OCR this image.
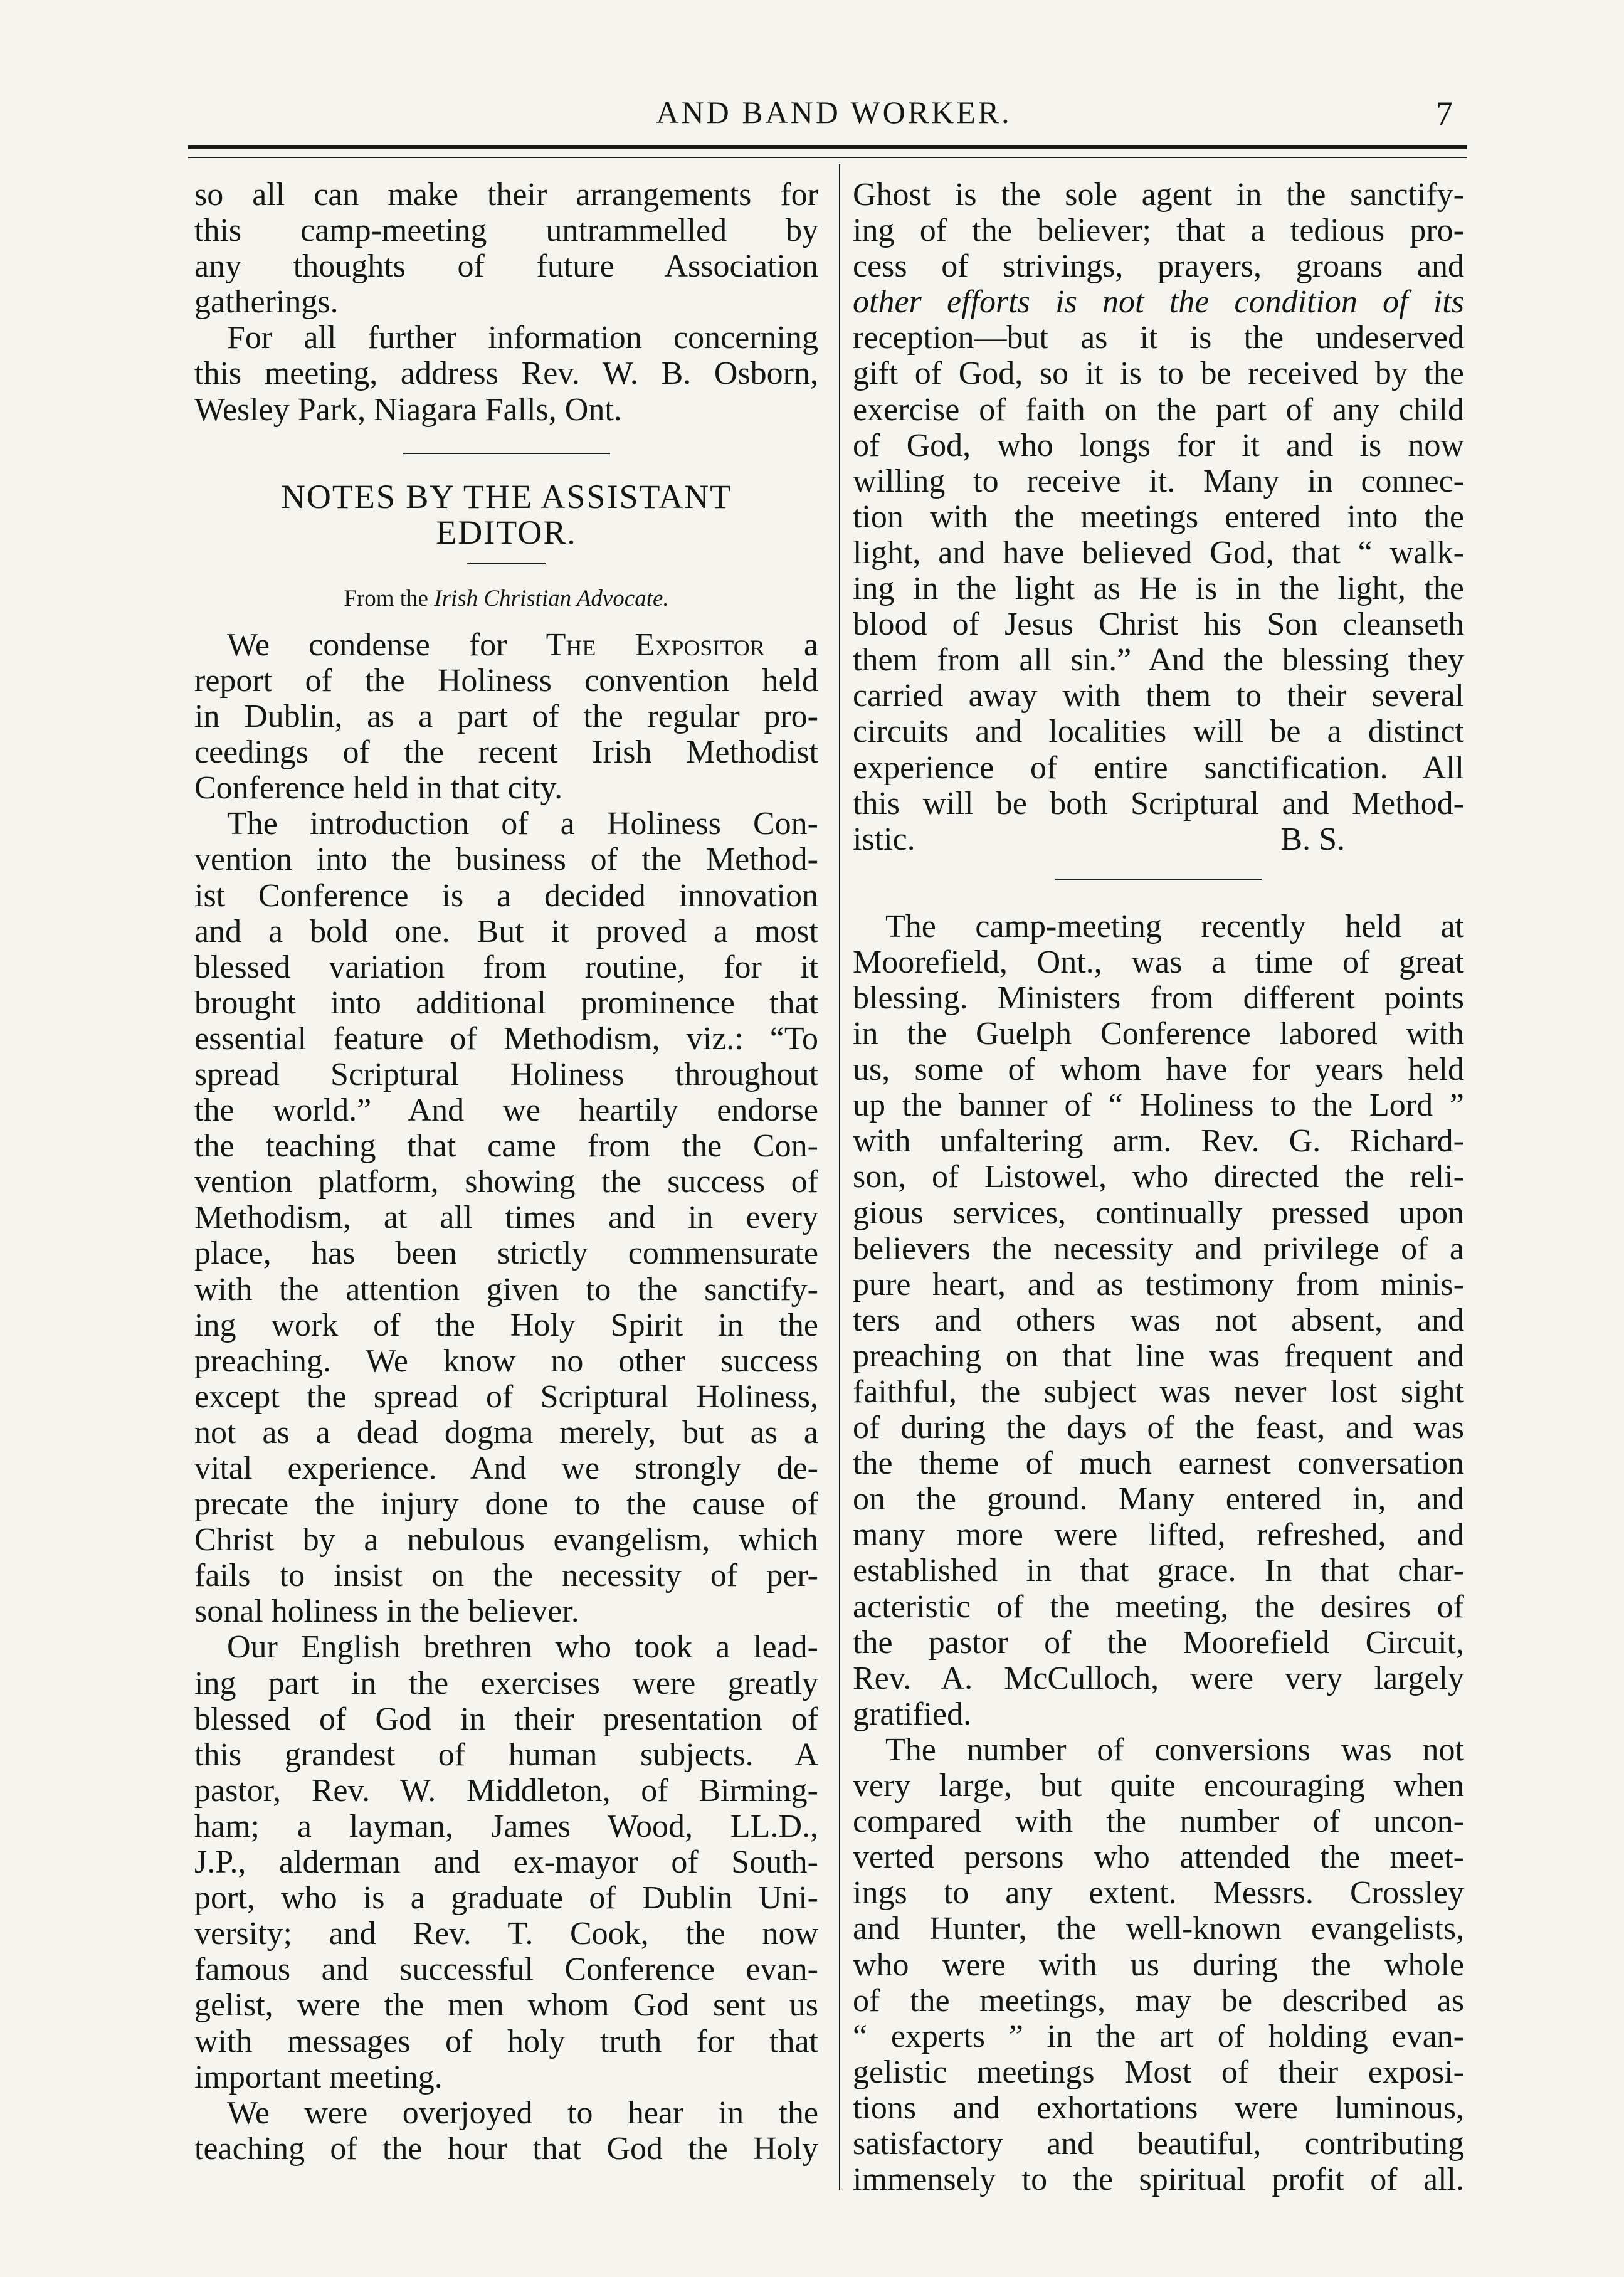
AND BAND WORKER.	7
so all can make their arrangements for
this camp-meeting untrammelled by
any thoughts of future Association
gatherings.
For all further information concerning
this meeting, address Rev. W. B. Osborn,
Wesley Park, Niagara Falls, Ont.
NOTES BY THE ASSISTANT
EDITOR.
From the Irish Christian Advocate.
We condense for The Expositor a
report of the Holiness convention held
in Dublin, as a part of the regular pro-
ceedings of the recent Irish Methodist
Conference held in that city.
The introduction of a Holiness Con-
vention into the business of the Method-
ist Conference is a decided innovation
and a bold one. But it proved a most
blessed variation from routine, for it
brought into additional prominence that
essential feature of Methodism, viz.: “To
spread Scriptural Holiness throughout
the world.” And we heartily endorse
the teaching that came from the Con-
vention platform, showing the success of
Methodism, at all times and in every
place, has been strictly commensurate
with the attention given to the sanctify-
ing work of the Holy Spirit in the
preaching. We know no other success
except the spread of Scriptural Holiness,
not as a dead dogma merely, but as a
vital experience. And we strongly de-
precate the injury done to the cause of
Christ by a nebulous evangelism, which
fails to insist on the necessity of per-
sonal holiness in the believer.
Our English brethren who took a lead-
ing part in the exercises were greatly
blessed of God in their presentation of
this grandest of human subjects. A
pastor, Rev. W. Middleton, of Birming-
ham; a layman, James Wood, LL.D.,
J.P., alderman and ex-mayor of South-
port, who is a graduate of Dublin Uni-
versity; and Rev. T. Cook, the now
famous and successful Conference evan-
gelist, were the men whom God sent us
with messages of holy truth for that
important meeting.
We were overjoyed to hear in the
teaching of the hour that God the Holy
Ghost is the sole agent in the sanctify-
ing of the believer; that a tedious pro-
cess of strivings, prayers, groans and
other efforts is not the condition of its
reception—but as it is the undeserved
gift of God, so it is to be received by the
exercise of faith on the part of any child
of God, who longs for it and is now
willing to receive it. Many in connec-
tion with the meetings entered into the
light, and have believed God, that “ walk-
ing in the light as He is in the light, the
blood of Jesus Christ his Son cleanseth
them from all sin.” And the blessing they
carried away with them to their several
circuits and localities will be a distinct
experience of entire sanctification. All
this will be both Scriptural and Method-
istic.	B. S.
The camp-meeting recently held at
Moorefield, Ont., was a time of great
blessing. Ministers from different points
in the Guelph Conference labored with
us, some of whom have for years held
up the banner of “ Holiness to the Lord ”
with unfaltering arm. Rev. G. Richard-
son, of Listowel, who directed the reli-
gious services, continually pressed upon
believers the necessity and privilege of a
pure heart, and as testimony from minis-
ters and others was not absent, and
preaching on that line was frequent and
faithful, the subject was never lost sight
of during the days of the feast, and was
the theme of much earnest conversation
on the ground. Many entered in, and
many more were lifted, refreshed, and
established in that grace. In that char-
acteristic of the meeting, the desires of
the pastor of the Moorefield Circuit,
Rev. A. McCulloch, were very largely
gratified.
The number of conversions was not
very large, but quite encouraging when
compared with the number of uncon-
verted persons who attended the meet-
ings to any extent. Messrs. Crossley
and Hunter, the well-known evangelists,
who were with us during the whole
of the meetings, may be described as
“ experts ” in the art of holding evan-
gelistic meetings Most of their exposi-
tions and exhortations were luminous,
satisfactory and beautiful, contributing
immensely to the spiritual profit of all.
